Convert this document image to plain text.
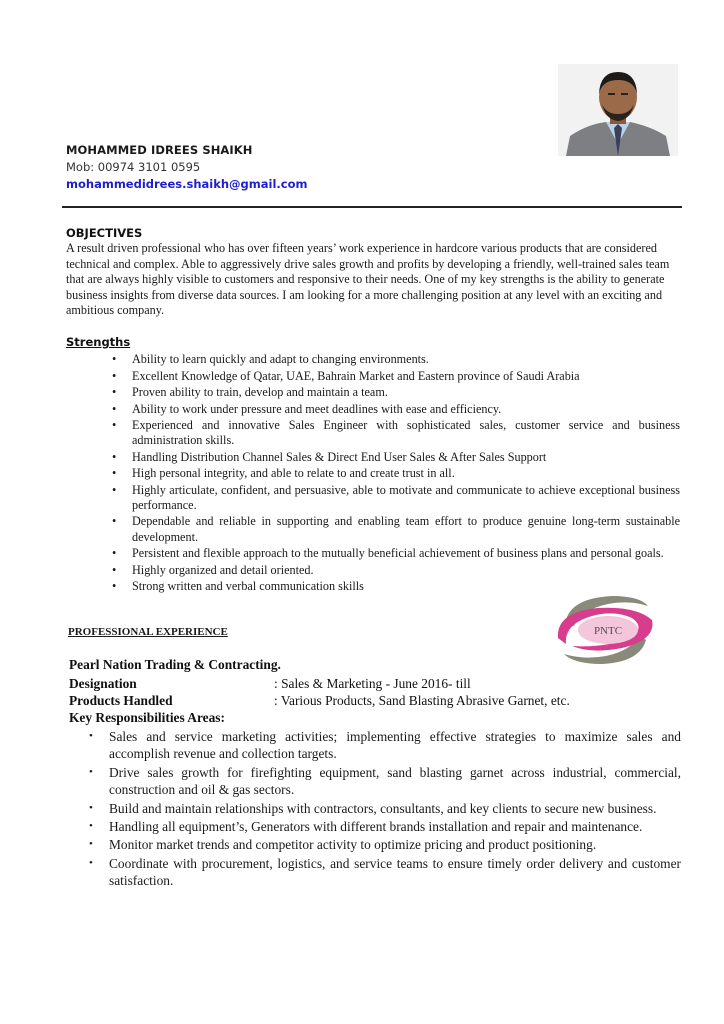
MOHAMMED IDREES SHAIKH
Mob: 00974 3101 0595
mohammedidrees.shaikh@gmail.com
OBJECTIVES
A result driven professional who has over fifteen years’ work experience in hardcore various products that are considered technical and complex. Able to aggressively drive sales growth and profits by developing a friendly, well-trained sales team that are always highly visible to customers and responsive to their needs. One of my key strengths is the ability to generate business insights from diverse data sources. I am looking for a more challenging position at any level with an exciting and ambitious company.
Strengths
• Ability to learn quickly and adapt to changing environments.
• Excellent Knowledge of Qatar, UAE, Bahrain Market and Eastern province of Saudi Arabia
• Proven ability to train, develop and maintain a team.
• Ability to work under pressure and meet deadlines with ease and efficiency.
• Experienced and innovative Sales Engineer with sophisticated sales, customer service and business administration skills.
• Handling Distribution Channel Sales & Direct End User Sales & After Sales Support
• High personal integrity, and able to relate to and create trust in all.
• Highly articulate, confident, and persuasive, able to motivate and communicate to achieve exceptional business performance.
• Dependable and reliable in supporting and enabling team effort to produce genuine long-term sustainable development.
• Persistent and flexible approach to the mutually beneficial achievement of business plans and personal goals.
• Highly organized and detail oriented.
• Strong written and verbal communication skills
PROFESSIONAL EXPERIENCE	PNTC
Pearl Nation Trading & Contracting.
Designation	: Sales & Marketing - June 2016- till
Products Handled	: Various Products, Sand Blasting Abrasive Garnet, etc.
Key Responsibilities Areas:
• Sales and service marketing activities; implementing effective strategies to maximize sales and accomplish revenue and collection targets.
• Drive sales growth for firefighting equipment, sand blasting garnet across industrial, commercial, construction and oil & gas sectors.
• Build and maintain relationships with contractors, consultants, and key clients to secure new business.
• Handling all equipment’s, Generators with different brands installation and repair and maintenance.
• Monitor market trends and competitor activity to optimize pricing and product positioning.
• Coordinate with procurement, logistics, and service teams to ensure timely order delivery and customer satisfaction.
